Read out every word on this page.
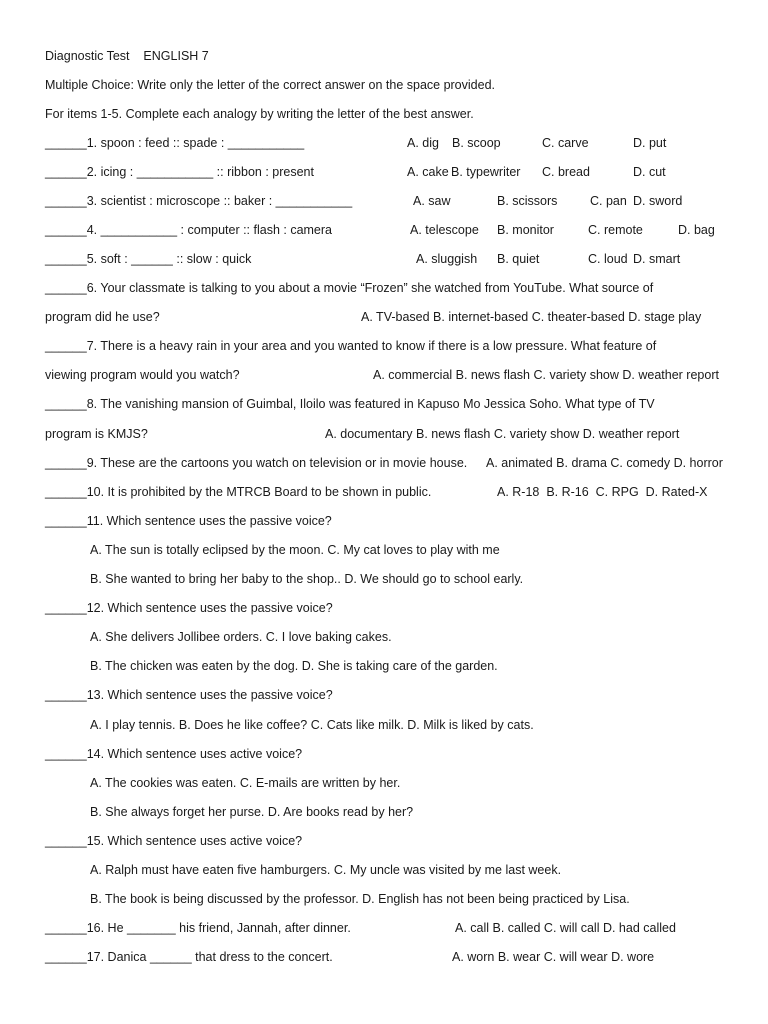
Diagnostic Test    ENGLISH 7
Multiple Choice: Write only the letter of the correct answer on the space provided.
For items 1-5. Complete each analogy by writing the letter of the best answer.
______1. spoon : feed :: spade : ___________	A. dig B. scoop	C. carve	D. put
______2. icing : ___________ :: ribbon : present	A. cake B. typewriter C. bread	D. cut
______3. scientist : microscope :: baker : ___________	A. saw	B. scissors	C. pan D. sword
______4. ___________ : computer :: flash : camera	A. telescope B. monitor	C. remote	D. bag
______5. soft : ______ :: slow : quick	A. sluggish B. quiet	C. loud D. smart
______6. Your classmate is talking to you about a movie “Frozen” she watched from YouTube. What source of
program did he use?	A. TV-based B. internet-based C. theater-based D. stage play
______7. There is a heavy rain in your area and you wanted to know if there is a low pressure. What feature of
viewing program would you watch?	A. commercial B. news flash C. variety show D. weather report
______8. The vanishing mansion of Guimbal, Iloilo was featured in Kapuso Mo Jessica Soho. What type of TV
program is KMJS?	A. documentary B. news flash C. variety show D. weather report
______9. These are the cartoons you watch on television or in movie house. A. animated B. drama C. comedy D. horror
______10. It is prohibited by the MTRCB Board to be shown in public.	A. R-18  B. R-16  C. RPG  D. Rated-X
______11. Which sentence uses the passive voice?
A. The sun is totally eclipsed by the moon. C. My cat loves to play with me
B. She wanted to bring her baby to the shop.. D. We should go to school early.
______12. Which sentence uses the passive voice?
A. She delivers Jollibee orders. C. I love baking cakes.
B. The chicken was eaten by the dog. D. She is taking care of the garden.
______13. Which sentence uses the passive voice?
A. I play tennis. B. Does he like coffee? C. Cats like milk. D. Milk is liked by cats.
______14. Which sentence uses active voice?
A. The cookies was eaten. C. E-mails are written by her.
B. She always forget her purse. D. Are books read by her?
______15. Which sentence uses active voice?
A. Ralph must have eaten five hamburgers. C. My uncle was visited by me last week.
B. The book is being discussed by the professor. D. English has not been being practiced by Lisa.
______16. He _______ his friend, Jannah, after dinner.	A. call B. called C. will call D. had called
______17. Danica ______ that dress to the concert.	A. worn B. wear C. will wear D. wore
